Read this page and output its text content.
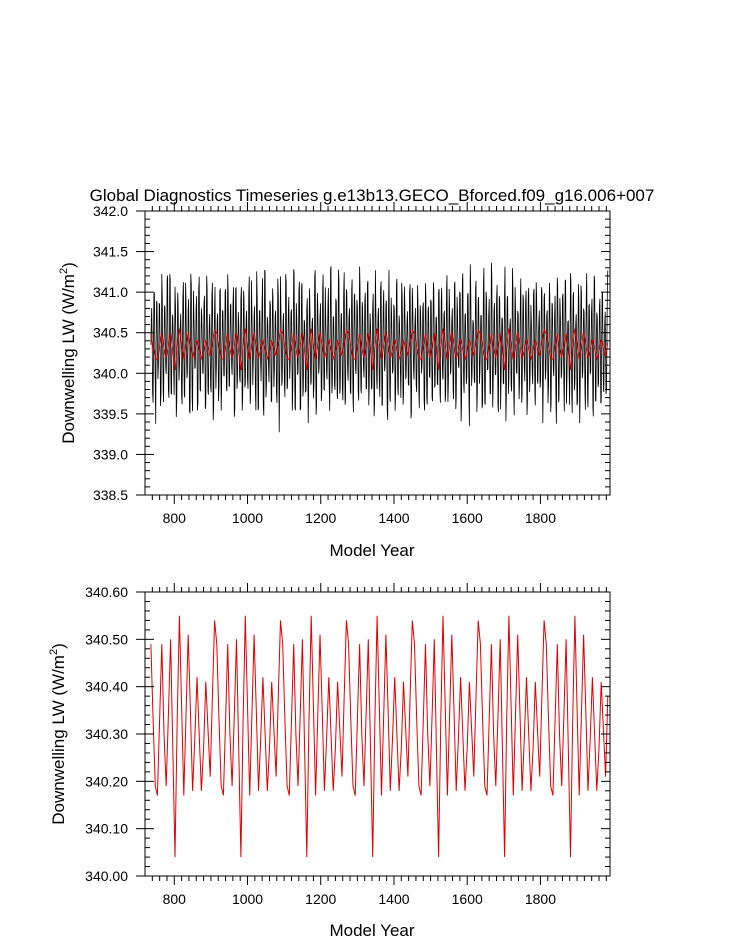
Global Diagnostics Timeseries g.e13b13.GECO_Bforced.f09_g16.006+007
338.5
339.0
339.5
340.0
340.5
341.0
341.5
342.0
800	1000	1200	1400	1600	1800
Model Year
Downwelling LW $(W/m^2)$
340.00
340.10
340.20
340.30
340.40
340.50
340.60
800	1000	1200	1400	1600	1800
Model Year
Downwelling LW $(W/m^2)$
